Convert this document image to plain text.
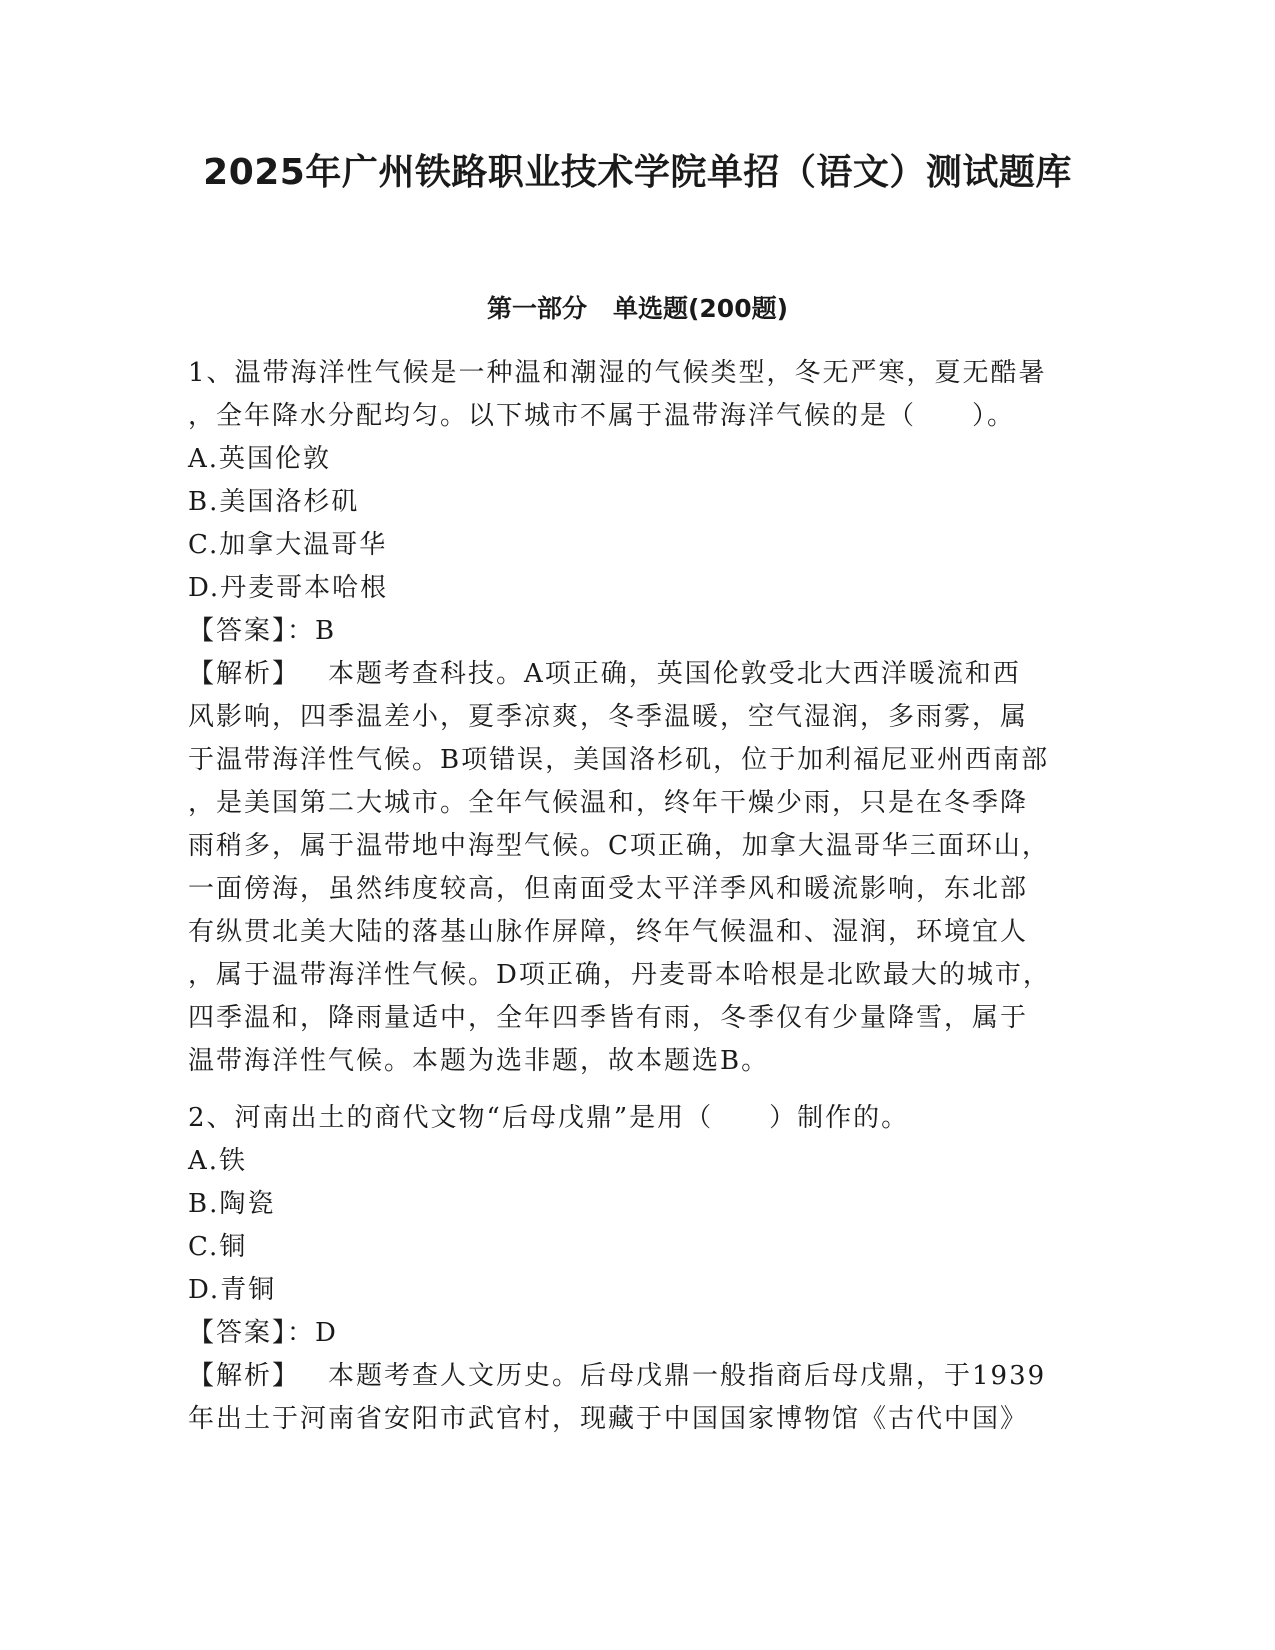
2025年广州铁路职业技术学院单招（语文）测试题库
第一部分 单选题(200题)

1、温带海洋性气候是一种温和潮湿的气候类型，冬无严寒，夏无酷暑

，全年降水分配均匀。以下城市不属于温带海洋气候的是（　　）。

A.英国伦敦

B.美国洛杉矶

C.加拿大温哥华

D.丹麦哥本哈根

【答案】：B

【解析】 本题考查科技。A项正确，英国伦敦受北大西洋暖流和西

风影响，四季温差小，夏季凉爽，冬季温暖，空气湿润，多雨雾，属

于温带海洋性气候。B项错误，美国洛杉矶，位于加利福尼亚州西南部

，是美国第二大城市。全年气候温和，终年干燥少雨，只是在冬季降

雨稍多，属于温带地中海型气候。C项正确，加拿大温哥华三面环山，

一面傍海，虽然纬度较高，但南面受太平洋季风和暖流影响，东北部

有纵贯北美大陆的落基山脉作屏障，终年气候温和、湿润，环境宜人

，属于温带海洋性气候。D项正确，丹麦哥本哈根是北欧最大的城市，

四季温和，降雨量适中，全年四季皆有雨，冬季仅有少量降雪，属于

温带海洋性气候。本题为选非题，故本题选B。

2、河南出土的商代文物“后母戊鼎”是用（　　）制作的。

A.铁

B.陶瓷

C.铜

D.青铜

【答案】：D

【解析】 本题考查人文历史。后母戊鼎一般指商后母戊鼎，于1939

年出土于河南省安阳市武官村，现藏于中国国家博物馆《古代中国》
